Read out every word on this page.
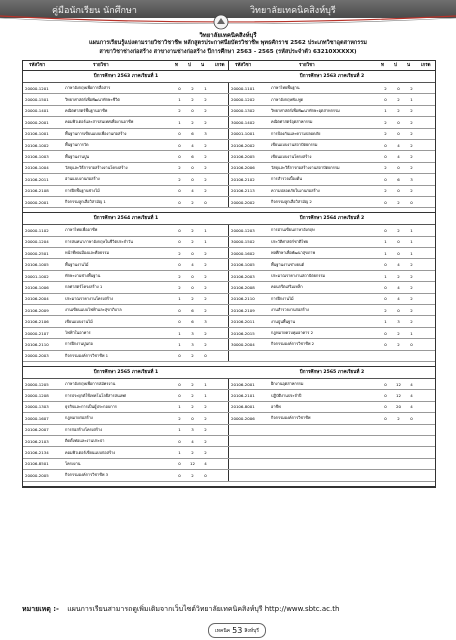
คู่มือนักเรียน นักศึกษา	วิทยาลัยเทคนิคสิงห์บุรี
วิทยาลัยเทคนิคสิงห์บุรี
แผนการเรียนรู้แบ่งตามรายวิชาวิชาชีพ หลักสูตรประกาศนียบัตรวิชาชีพ พุทธศักราช 2562 ประเภทวิชาอุตสาหกรรม
สาขาวิชาช่างก่อสร้าง สาขางานช่างก่อสร้าง ปีการศึกษา 2563 - 2565 (รหัสประจำตัว 63210XXXXX)
รหัสวิชา	รายวิชา	ท ป น เกรด รหัสวิชา	รายวิชา	ท ป น เกรด
ปีการศึกษา 2563 ภาคเรียนที่ 1	ปีการศึกษา 2563 ภาคเรียนที่ 2
20000-1201	ภาษาอังกฤษเพื่อการสื่อสาร	0	2	1	20000-1101	ภาษาไทยพื้นฐาน	2	0	2
20000-1501	วิทยาศาสตร์เพื่อพัฒนาทักษะชีวิต	1	2	2	20000-1202	ภาษาอังกฤษฟัง-พูด	0	2	1
20000-1401	คณิตศาสตร์พื้นฐานอาชีพ	2	0	2	20000-1302	วิทยาศาสตร์เพื่อพัฒนาทักษะอุตสาหกรรม	1	2	2
20000-2001	คอมพิวเตอร์และสารสนเทศเพื่องานอาชีพ	1	2	2	30000-1402	คณิตศาสตร์อุตสาหกรรม	2	0	2
20106-1001	พื้นฐานการเขียนแบบเพื่องานก่อสร้าง	0	6	3	20001-1001	การป้องกันและความปลอดภัย	2	0	2
20106-1002	พื้นฐานการวัด	0	4	2	20106-2002	เขียนแบบงานสถาปัตยกรรม	0	4	2
20106-1003	พื้นฐานงานปูน	0	6	2	20106-2005	เขียนแบบงานโครงสร้าง	0	4	2
20106-1004	วัสดุและวิธีการก่อสร้างงานโครงสร้าง	2	0	2	20106-2006	วัสดุและวิธีการก่อสร้างงานสถาปัตยกรรม	2	0	2
20106-2011	อ่านแบบงานก่อสร้าง	2	0	2	20106-2102	การสำรวจเบื้องต้น	0	6	3
20106-2108	การฝึกพื้นฐานช่างไม้	0	4	2	20106-2113	ความปลอดภัยในงานก่อสร้าง	2	0	2
20000-2001	กิจกรรมลูกเสือวิสามัญ 1	0	2	0	20000-2002	กิจกรรมลูกเสือวิสามัญ 2	0	2	0
ปีการศึกษา 2564 ภาคเรียนที่ 1	ปีการศึกษา 2564 ภาคเรียนที่ 2
20000-1102	ภาษาไทยเพื่ออาชีพ	0	2	1	20000-1203	การอ่านเขียนภาษาอังกฤษ	0	2	1
20000-1204	การสนทนาภาษาอังกฤษในชีวิตประจำวัน	0	2	1	30000-1502	ประวัติศาสตร์ชาติไทย	1	0	1
20000-2501	หน้าที่พลเมืองและศีลธรรม	2	0	2	20000-1602	พลศึกษาเพื่อพัฒนาสุขภาพ	1	0	1
20106-1005	พื้นฐานงานไม้	0	4	2	20106-1005	พื้นฐานงานช่างยนต์	0	4	2
20001-1002	ทักษะงานช่างพื้นฐาน	2	0	2	20106-2003	ประมาณราคางานสถาปัตยกรรม	1	2	2
20106-1006	กลศาสตร์โครงสร้าง 1	2	0	2	20106-2008	คอนกรีตเสริมเหล็ก	0	4	2
20106-2004	ประมาณราคางานโครงสร้าง	1	2	2	20106-2110	การฝึกงานไม้	0	4	2
20106-2009	งานเขียนแบบไฟฟ้าและสุขาภิบาล	0	6	2	20106-2109	งานสำรวจงานก่อสร้าง	2	0	2
20106-2106	เขียนแบบงานไม้	0	6	3	20106-2011	งานปูนพื้นฐาน	1	3	2
20000-2107	ไฟฟ้าในอาคาร	1	3	2	20106-2015	กฎหมายควบคุมอาคาร 2	0	2	1
20106-2110	การฝึกงานปูนก่อ	1	3	2	30000-2004	กิจกรรมองค์การวิชาชีพ 2	0	2	0
20000-2003	กิจกรรมองค์การวิชาชีพ 1	0	2	0
ปีการศึกษา 2565 ภาคเรียนที่ 1	ปีการศึกษา 2565 ภาคเรียนที่ 2
20000-1205	ภาษาอังกฤษเพื่อการสมัครงาน	0	2	1	20106-2001	ฝึกงานอุตสาหกรรม	0	12	4
20000-1208	การประยุกต์ใช้เทคโนโลยีสารสนเทศ	0	2	1	20106-2101	ปฏิบัติงานประจำปี	0	12	4
20000-1303	ธุรกิจและการเป็นผู้ประกอบการ	1	2	2	20106-8001	อาชีพ	0	20	4
20000-1607	กฎหมายก่อสร้าง	2	0	2	20000-2006	กิจกรรมองค์การวิชาชีพ	0	2	0
20106-2007	การก่อสร้างโครงสร้าง	1	3	2
20106-2103	ติดตั้งท่อและงานประปา	0	4	2
20106-2134	คอมพิวเตอร์เขียนแบบก่อสร้าง	1	2	2
20106-8501	โครงงาน	0	12	4
20000-2005	กิจกรรมองค์การวิชาชีพ 3	0	2	0
หมายเหตุ :- แผนการเรียนสามารถดูเพิ่มเติมจากเว็บไซต์วิทยาลัยเทคนิคสิงห์บุรี http://www.sbtc.ac.th
เทคนิค 53 สิงห์บุรี
